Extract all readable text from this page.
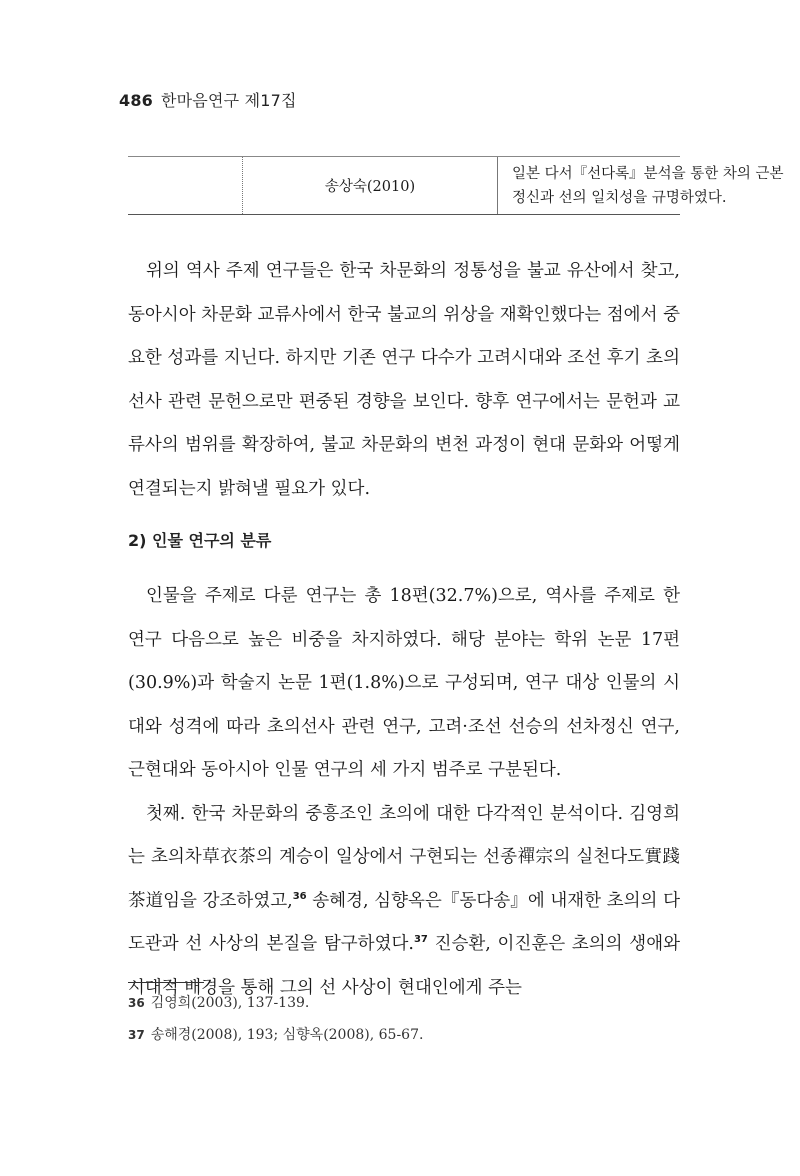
486 한마음연구 제17집
송상숙(2010)
일본 다서『선다록』분석을 통한 차의 근본
정신과 선의 일치성을 규명하였다.

위의 역사 주제 연구들은 한국 차문화의 정통성을 불교 유산에서 찾고, 동아시아 차문화 교류사에서 한국 불교의 위상을 재확인했다는 점에서 중요한 성과를 지닌다. 하지만 기존 연구 다수가 고려시대와 조선 후기 초의선사 관련 문헌으로만 편중된 경향을 보인다. 향후 연구에서는 문헌과 교류사의 범위를 확장하여, 불교 차문화의 변천 과정이 현대 문화와 어떻게 연결되는지 밝혀낼 필요가 있다.

2) 인물 연구의 분류

인물을 주제로 다룬 연구는 총 18편(32.7%)으로, 역사를 주제로 한 연구 다음으로 높은 비중을 차지하였다. 해당 분야는 학위 논문 17편(30.9%)과 학술지 논문 1편(1.8%)으로 구성되며, 연구 대상 인물의 시대와 성격에 따라 초의선사 관련 연구, 고려·조선 선승의 선차정신 연구, 근현대와 동아시아 인물 연구의 세 가지 범주로 구분된다.

첫째. 한국 차문화의 중흥조인 초의에 대한 다각적인 분석이다. 김영희는 초의차草衣茶의 계승이 일상에서 구현되는 선종禪宗의 실천다도實踐茶道임을 강조하였고,$^{36}$ 송혜경, 심향옥은『동다송』에 내재한 초의의 다도관과 선 사상의 본질을 탐구하였다.$^{37}$ 진승환, 이진훈은 초의의 생애와 시대적 배경을 통해 그의 선 사상이 현대인에게 주는

36 김영희(2003), 137-139.
37 송해경(2008), 193; 심향옥(2008), 65-67.
